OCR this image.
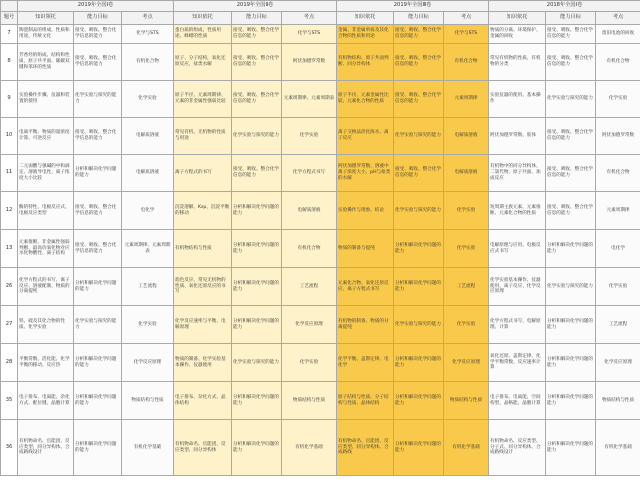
	2019年全国Ⅰ卷			2019年全国Ⅱ卷			2019年全国Ⅲ卷			2018年全国Ⅰ卷		
题号	知识领托	能力目标	考点	知识依托	能力目标	考点	知识依托	能力目标	考点	知识依托	能力目标	考点
7	陶瓷制品的组成、性质和用途、传统文化	接受、吸收、整合化学信息的能力	化学与STS	蛋白质的组成、性质用途、蜂蜡的性质	接受、吸收、整合化学信息的能力	化学与STS	金属、非金属单质及其化合物的性质和用途	接受、吸收、整合化学信息的能力	化学与STS	物质的分离、环境保护、金属的回收	接受、吸收、整合化学信息的能力	废旧电池的回收
8	芳香烃的组成、结构和性质，原子共平面、碳碳双键和苯环的性质	接受、吸收、整合化学信息的能力	有机化合物	原子、分子结构，氧化还原反应，盐类水解	接受、吸收、整合化学信息的能力	阿伏加德罗常数	有机物结构、原子共面判断、同分异构体	接受、吸收、整合化学信息的能力	有机化合物	常见有机物的性质、有机物的分类	接受、吸收、整合化学信息的能力	有机化合物
9	实验操作步骤、仪器和装置的使用	化学实验与探究的能力	化学实验	原子半径、元素周期律、元素的非金属性强弱比较	接受、吸收、整合化学信息的能力	元素周期律、元素周期表	原子半径、元素金属性比较、元素化合物的性质	接受、吸收、整合化学信息的能力	元素周期律	实验仪器的使用、基本操作	化学实验与探究的能力	化学实验
10	电离平衡、物质的量浓度计算、可逆反应	接受、吸收、整合化学信息的能力	电解质溶液	常见有机、无机物的性质与用途	化学实验与探究的能力	化学实验	离子交换法淡化海水、离子反应	化学实验与探究的能力	电解质溶液	阿伏加德罗常数、胶体	接受、吸收、整合化学信息的能力	阿伏加德罗常数
11	二元弱酸与强碱的中和滴定、溶液导电性、离子浓度大小比较	分析和解决化学问题的能力	电解质溶液	离子方程式的书写	接受、吸收、整合化学信息的能力	化学方程式书写	阿伏加德罗常数、溶液中离子浓度大小、pH与盐类的水解	接受、吸收、整合化学信息的能力	电解质溶液	有机物中的同分异构体、二氯代物、原子共面、加成反应	接受、吸收、整合化学信息的能力	有机化合物
12	酶的特性、电极反应式、电极反应类型	接受、吸收、整合化学信息的能力	电化学	沉淀溶解、Ksp、沉淀平衡的移动	分析和解决化学问题的能力	电解质溶液	实验操作与现象、结论	化学实验与探究的能力	化学实验	短周期主族元素、元素推断、元素化合物的性质	接受、吸收、整合化学信息的能力	元素周期律
13	元素推断、非金属性强弱判断、最高价氧化物对应水化物酸性、离子结构	接受、吸收、整合化学信息的能力	元素周期律、元素周期表	有机物结构与性质	分析和解决化学问题的能力	有机化合物	物质的制备与提纯	分析和解决化学问题的能力	化学实验	电解原理与应用、电极反应式书写	分析和解决化学问题的能力	电化学
26	化学方程式的书写、离子反应、溶液配制、物质的分离提纯	分析和解决化学问题的能力	工艺流程	焰色反应、常见无机物的性质、氧化还原反应的书写	分析和解决化学问题的能力	工艺流程	元素化合物、氧化还原反应、离子方程式书写	分析和解决化学问题的能力	工艺流程	化学实验基本操作、仪器使用、离子反应、化学反应原理	化学实验与探究的能力	化学实验
27	铁、硫及其化合物的性质、化学实验	化学实验与探究的能力	化学实验	化学反应速率与平衡、电解原理	分析和解决化学问题的能力	化学反应原理	有机物的制备、物质的分离提纯	化学实验与探究的能力	化学实验	化学方程式书写、电解原理、计算	分析和解决化学问题的能力	工艺流程
28	平衡常数、活化能、化学平衡的移动、反应热	分析和解决化学问题的能力	化学反应原理	物质的制备、化学实验基本操作、仪器使用	化学实验与探究的能力	化学实验	化学平衡、盖斯定律、电化学	分析和解决化学问题的能力	化学反应原理	氧化还原、盖斯定律、化学平衡常数、反应速率计算	分析和解决化学问题的能力	化学反应原理
35	电子排布、电离能、杂化方式、配位键、晶胞计算	分析和解决化学问题的能力	物质结构与性质	电子排布、杂化方式、晶体结构	分析和解决化学问题的能力	物质结构与性质	原子结构与性质、分子结构与性质、晶体结构	分析和解决化学问题的能力	物质结构与性质	电子排布、电离能、空间构型、晶格能、晶胞计算	分析和解决化学问题的能力	物质结构与性质
36	有机物命名、官能团、反应类型、同分异构体、合成路线设计	分析和解决化学问题的能力	有机化学基础	有机物命名、官能团、反应类型、同分异构体	分析和解决化学问题的能力	有机化学基础	有机物命名、官能团、反应类型、同分异构体、合成路线	分析和解决化学问题的能力	有机化学基础	有机物命名、反应类型、分子式、同分异构体、合成路线设计	分析和解决化学问题的能力	有机化学基础
